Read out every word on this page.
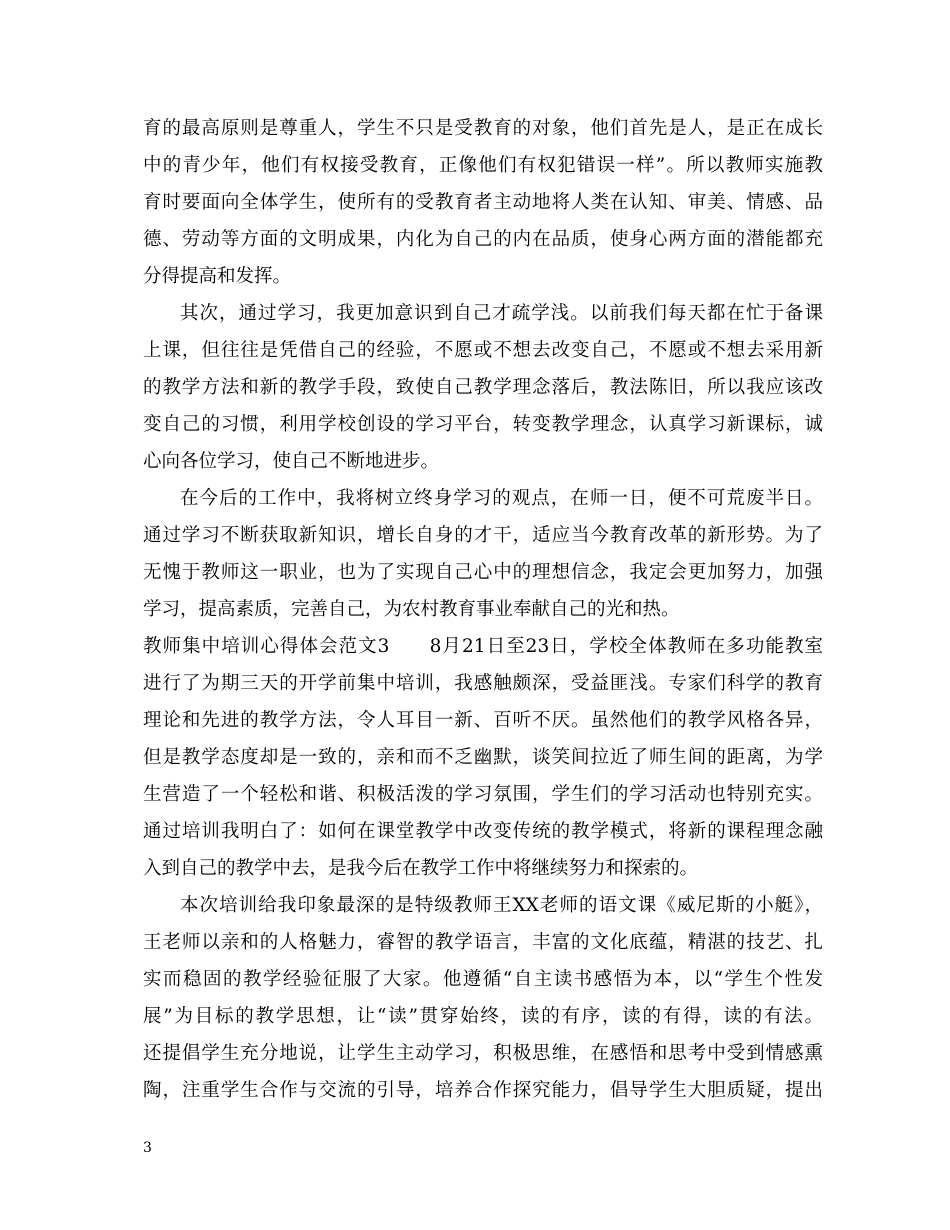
育的最高原则是尊重人，学生不只是受教育的对象，他们首先是人，是正在成长
中的青少年，他们有权接受教育，正像他们有权犯错误一样”。所以教师实施教
育时要面向全体学生，使所有的受教育者主动地将人类在认知、审美、情感、品
德、劳动等方面的文明成果，内化为自己的内在品质，使身心两方面的潜能都充
分得提高和发挥。
其次，通过学习，我更加意识到自己才疏学浅。以前我们每天都在忙于备课
上课，但往往是凭借自己的经验，不愿或不想去改变自己，不愿或不想去采用新
的教学方法和新的教学手段，致使自己教学理念落后，教法陈旧，所以我应该改
变自己的习惯，利用学校创设的学习平台，转变教学理念，认真学习新课标，诚
心向各位学习，使自己不断地进步。
在今后的工作中，我将树立终身学习的观点，在师一日，便不可荒废半日。
通过学习不断获取新知识，增长自身的才干，适应当今教育改革的新形势。为了
无愧于教师这一职业，也为了实现自己心中的理想信念，我定会更加努力，加强
学习，提高素质，完善自己，为农村教育事业奉献自己的光和热。
教师集中培训心得体会范文3　　8月21日至23日，学校全体教师在多功能教室
进行了为期三天的开学前集中培训，我感触颇深，受益匪浅。专家们科学的教育
理论和先进的教学方法，令人耳目一新、百听不厌。虽然他们的教学风格各异，
但是教学态度却是一致的，亲和而不乏幽默，谈笑间拉近了师生间的距离，为学
生营造了一个轻松和谐、积极活泼的学习氛围，学生们的学习活动也特别充实。
通过培训我明白了：如何在课堂教学中改变传统的教学模式，将新的课程理念融
入到自己的教学中去，是我今后在教学工作中将继续努力和探索的。
本次培训给我印象最深的是特级教师王XX老师的语文课《威尼斯的小艇》，
王老师以亲和的人格魅力，睿智的教学语言，丰富的文化底蕴，精湛的技艺、扎
实而稳固的教学经验征服了大家。他遵循“自主读书感悟为本，以“学生个性发
展”为目标的教学思想，让“读”贯穿始终，读的有序，读的有得，读的有法。
还提倡学生充分地说，让学生主动学习，积极思维，在感悟和思考中受到情感熏
陶，注重学生合作与交流的引导，培养合作探究能力，倡导学生大胆质疑，提出
3
